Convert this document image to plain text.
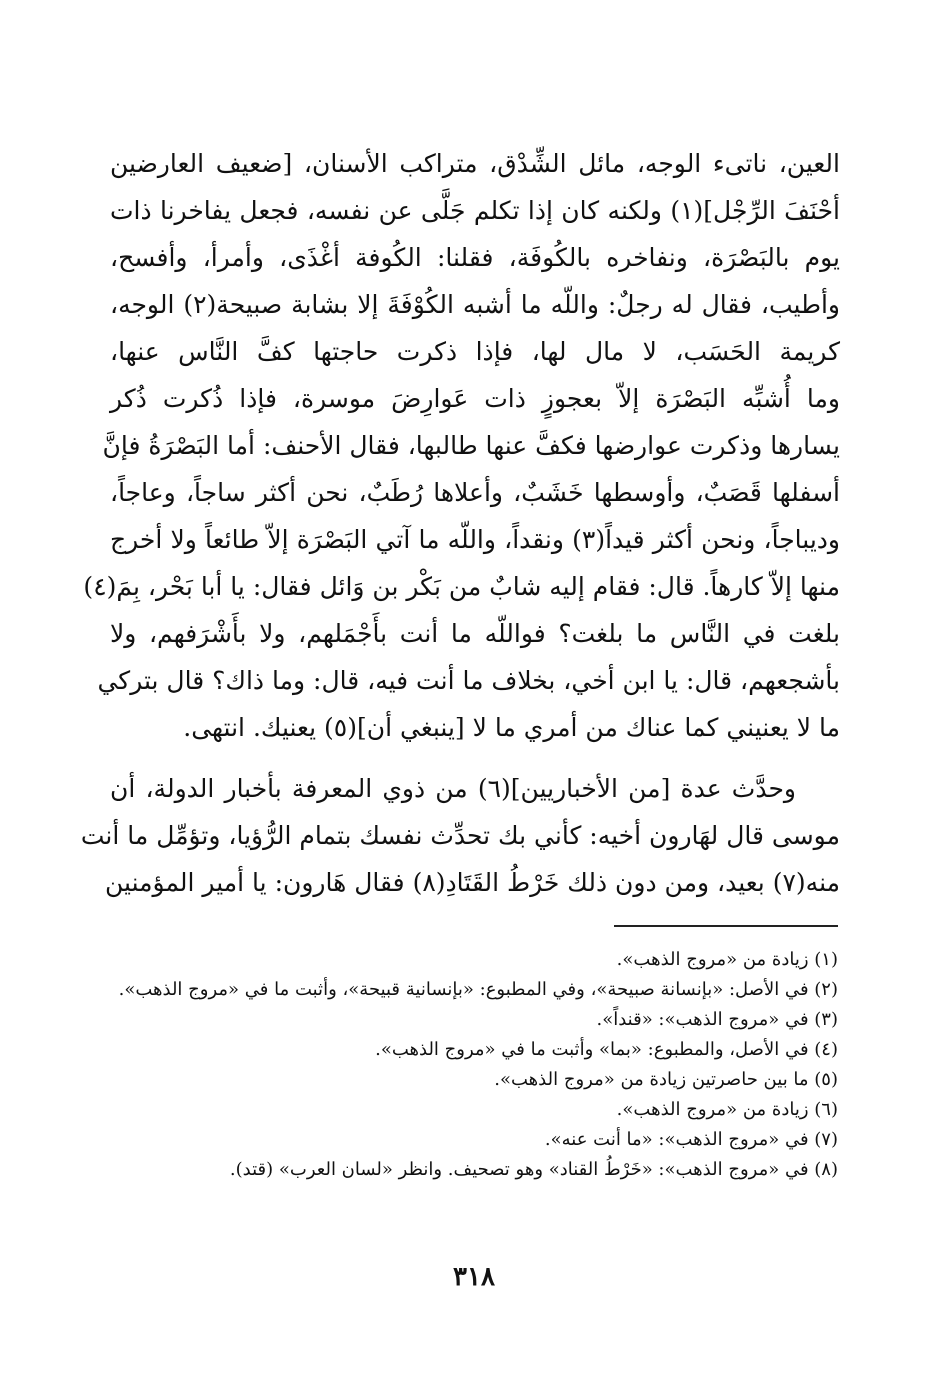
العين، ناتىء الوجه، مائل الشِّدْق، متراكب الأسنان، [ضعيف العارضين
أحْنَفَ الرِّجْل](١) ولكنه كان إذا تكلم جَلَّى عن نفسه، فجعل يفاخرنا ذات
يوم بالبَصْرَة، ونفاخره بالكُوفَة، فقلنا: الكُوفة أغْذَى، وأمرأ، وأفسح،
وأطيب، فقال له رجلٌ: واللّه ما أشبه الكُوْفَةَ إلا بشابة صبيحة(٢) الوجه،
كريمة الحَسَب، لا مال لها، فإذا ذكرت حاجتها كفَّ النَّاس عنها،
وما أُشبِّه البَصْرَة إلاّ بعجوزٍ ذات عَوارِضَ موسرة، فإذا ذُكرت ذُكر
يسارها وذكرت عوارضها فكفَّ عنها طالبها، فقال الأحنف: أما البَصْرَةُ فإنَّ
أسفلها قَصَبٌ، وأوسطها خَشَبٌ، وأعلاها رُطَبٌ، نحن أكثر ساجاً، وعاجاً،
وديباجاً، ونحن أكثر قيداً(٣) ونقداً، واللّه ما آتي البَصْرَة إلاّ طائعاً ولا أخرج
منها إلاّ كارهاً. قال: فقام إليه شابٌ من بَكْر بن وَائل فقال: يا أبا بَحْر، بِمَ(٤)
بلغت في النَّاس ما بلغت؟ فواللّه ما أنت بأَجْمَلهم، ولا بأَشْرَفهم، ولا
بأشجعهم، قال: يا ابن أخي، بخلاف ما أنت فيه، قال: وما ذاك؟ قال بتركي
ما لا يعنيني كما عناك من أمري ما لا [ينبغي أن](٥) يعنيك. انتهى.
وحدَّث عدة [من الأخباريين](٦) من ذوي المعرفة بأخبار الدولة، أن
موسى قال لهَارون أخيه: كأني بك تحدِّث نفسك بتمام الرُّؤيا، وتؤمِّل ما أنت
منه(٧) بعيد، ومن دون ذلك خَرْطُ القَتَادِ(٨) فقال هَارون: يا أمير المؤمنين
(١) زيادة من «مروج الذهب».
(٢) في الأصل: «بإنسانة صبيحة»، وفي المطبوع: «بإنسانية قبيحة»، وأثبت ما في «مروج الذهب».
(٣) في «مروج الذهب»: «قنداً».
(٤) في الأصل، والمطبوع: «بما» وأثبت ما في «مروج الذهب».
(٥) ما بين حاصرتين زيادة من «مروج الذهب».
(٦) زيادة من «مروج الذهب».
(٧) في «مروج الذهب»: «ما أنت عنه».
(٨) في «مروج الذهب»: «خَرْطُ القناد» وهو تصحيف. وانظر «لسان العرب» (قتد).
٣١٨
